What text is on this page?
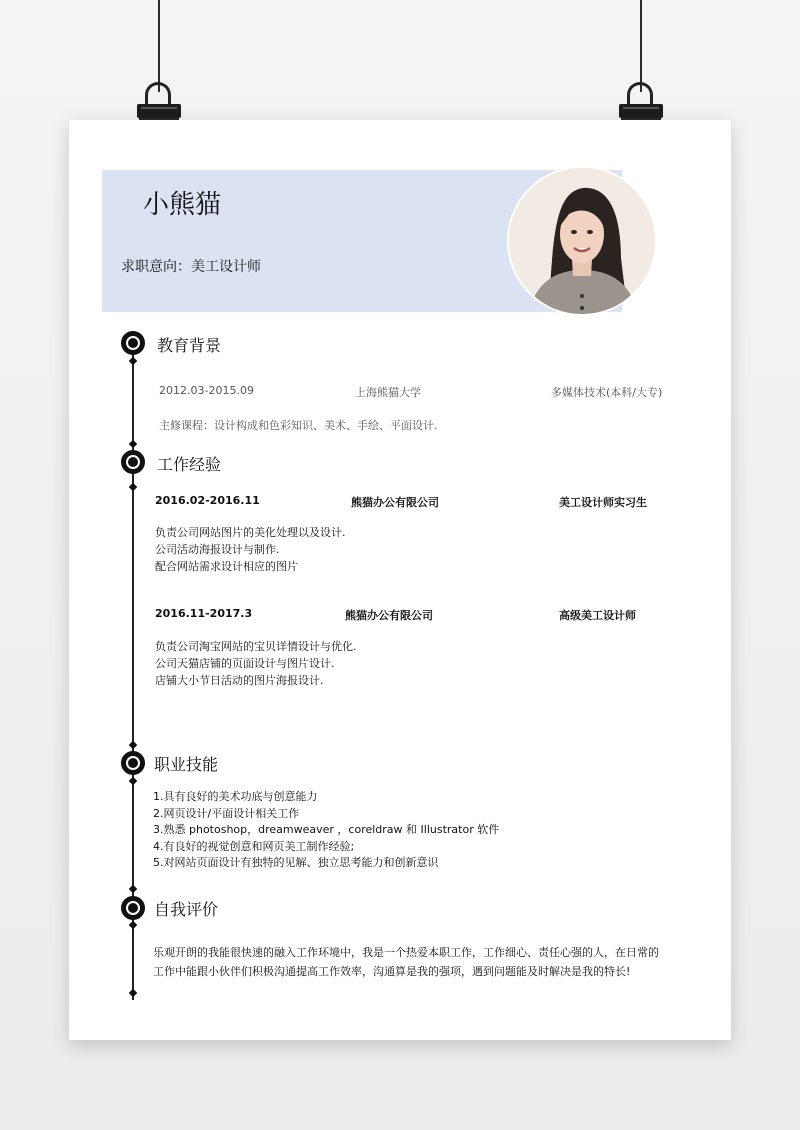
小熊猫
求职意向：美工设计师
教育背景
2012.03-2015.09	上海熊猫大学	多媒体技术(本科/大专)
主修课程：设计构成和色彩知识、美术、手绘、平面设计.
工作经验
2016.02-2016.11	熊猫办公有限公司	美工设计师实习生
负责公司网站图片的美化处理以及设计.
公司活动海报设计与制作.
配合网站需求设计相应的图片
2016.11-2017.3	熊猫办公有限公司	高级美工设计师
负责公司淘宝网站的宝贝详情设计与优化.
公司天猫店铺的页面设计与图片设计.
店铺大小节日活动的图片海报设计.
职业技能
1.具有良好的美术功底与创意能力
2.网页设计/平面设计相关工作
3.熟悉 photoshop，dreamweaver ，coreldraw 和 Illustrator 软件
4.有良好的视觉创意和网页美工制作经验;
5.对网站页面设计有独特的见解、独立思考能力和创新意识
自我评价
乐观开朗的我能很快速的融入工作环境中，我是一个热爱本职工作，工作细心、责任心强的人，在日常的
工作中能跟小伙伴们积极沟通提高工作效率，沟通算是我的强项，遇到问题能及时解决是我的特长!
